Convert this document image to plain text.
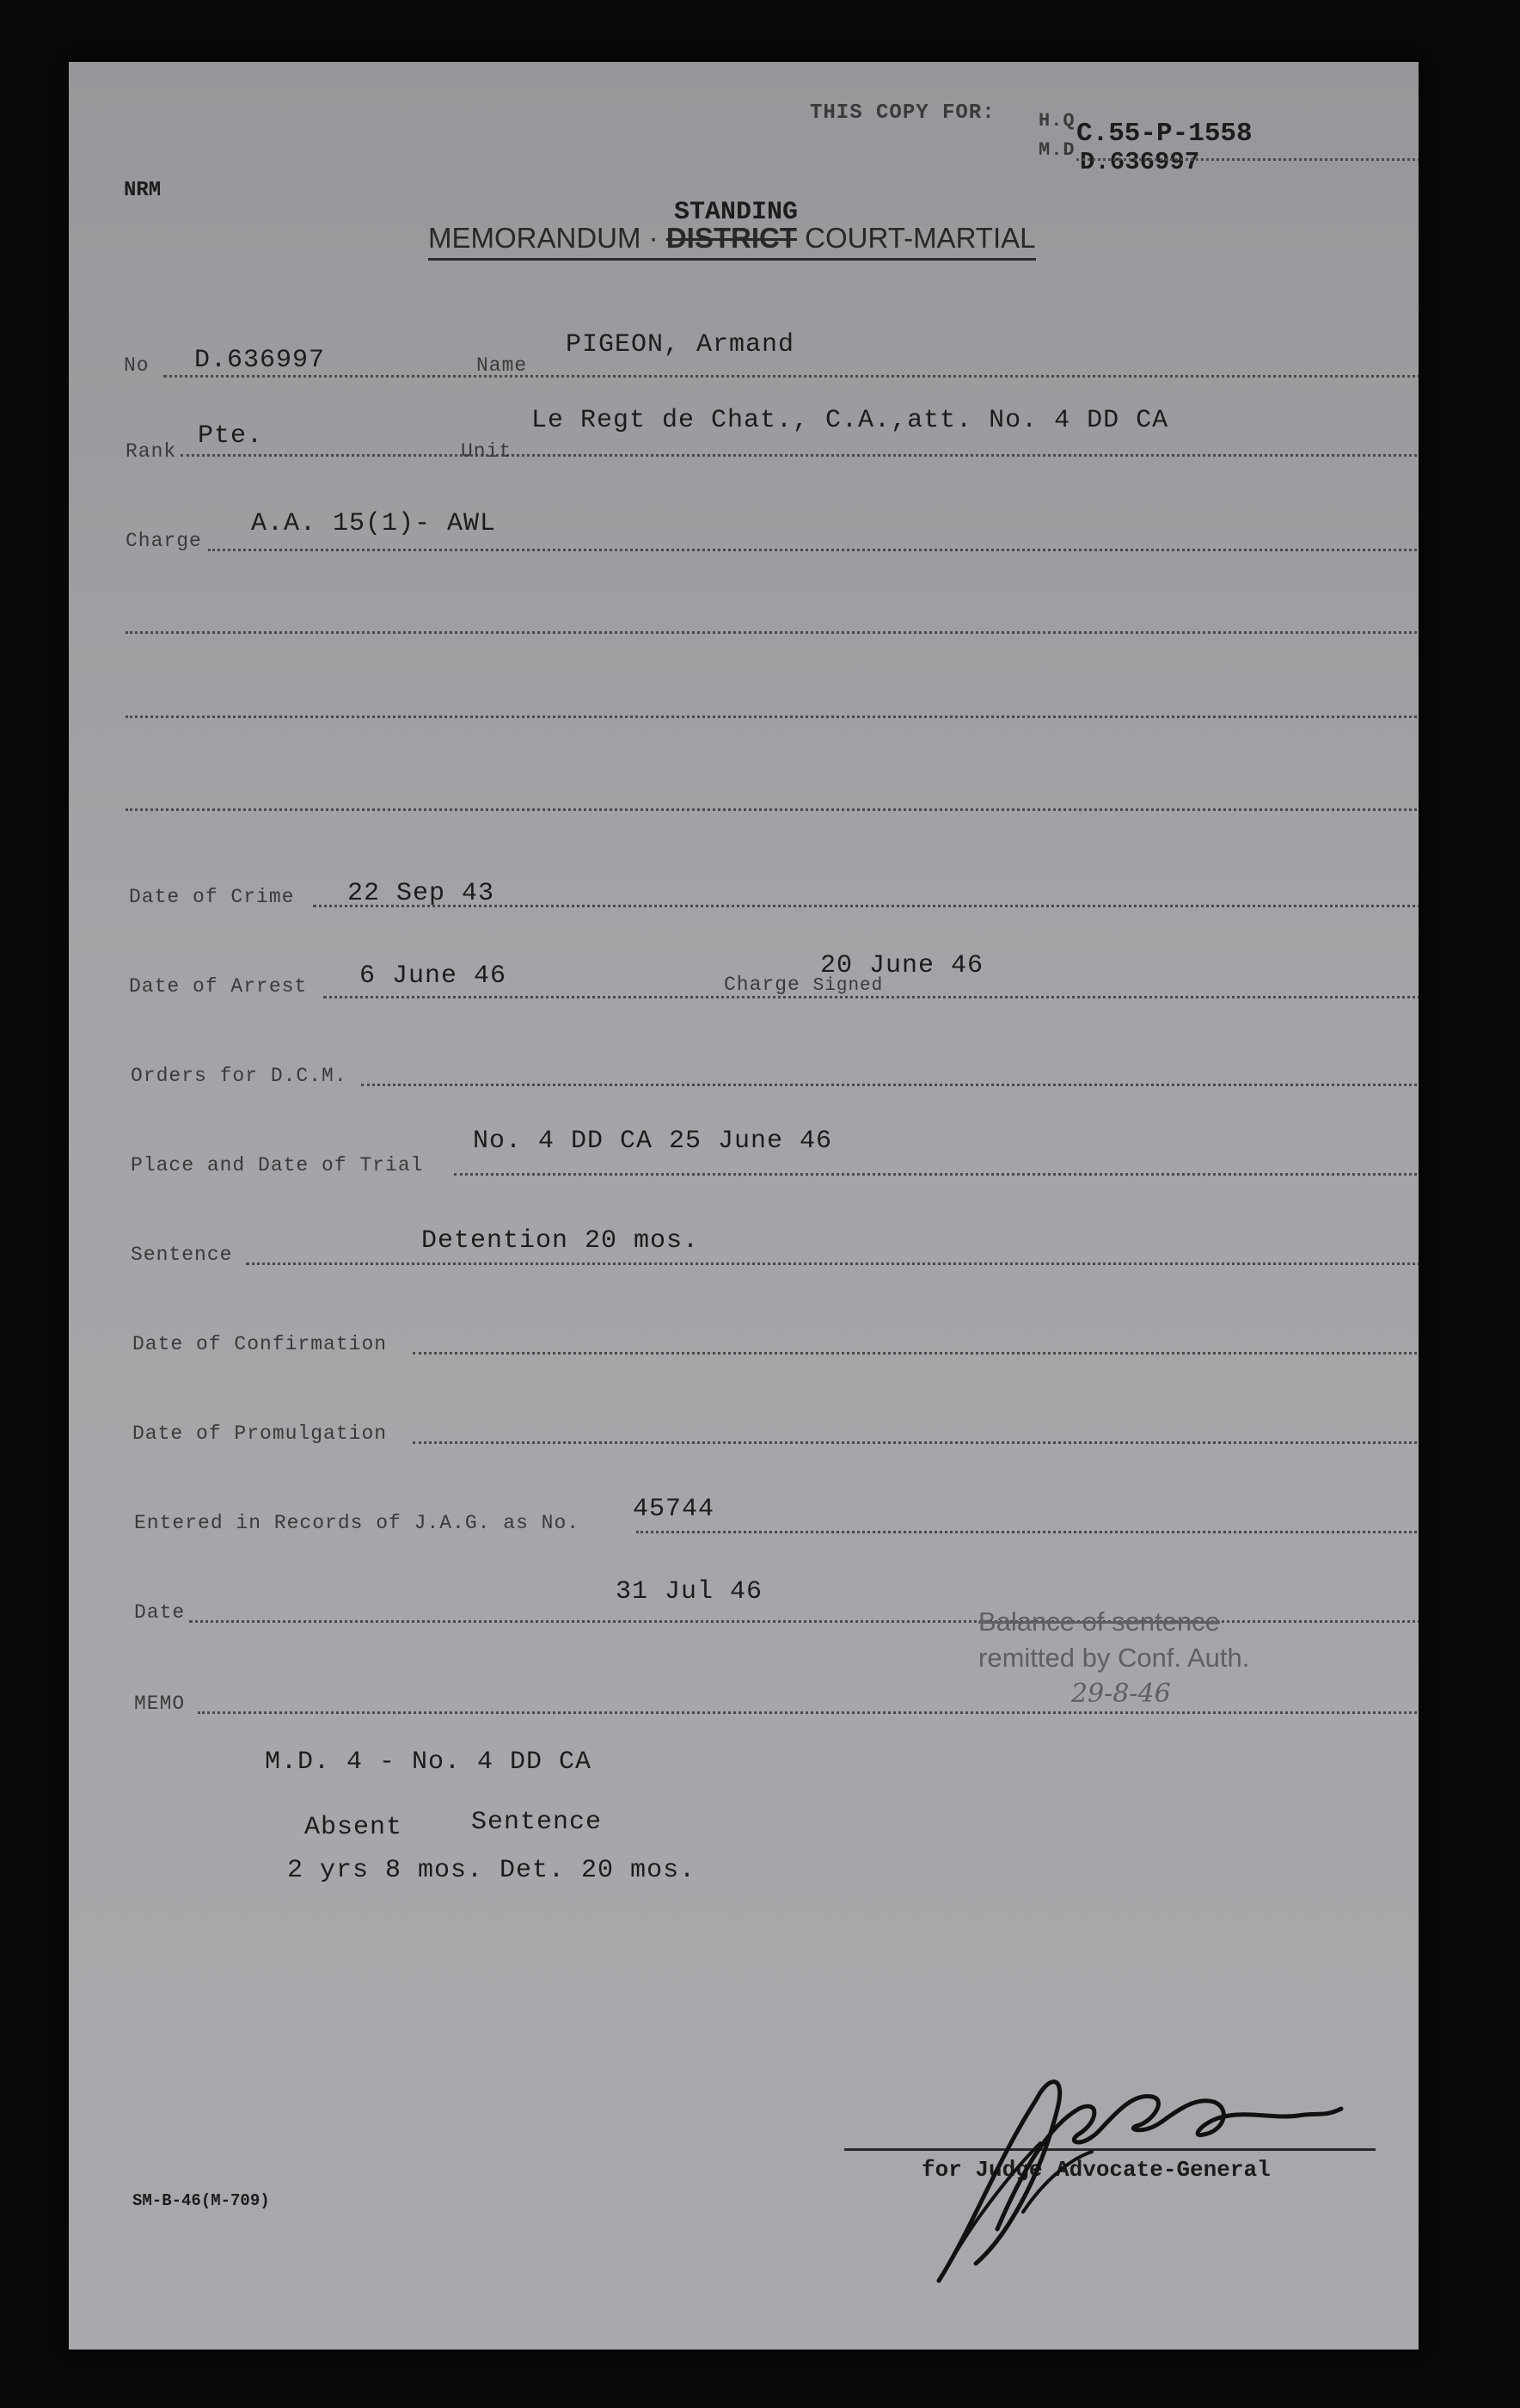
THIS COPY FOR: H.Q C.55-P-1558
M.D D.636997
NRM
STANDING
MEMORANDUM · DISTRICT COURT-MARTIAL
No D.636997	Name
PIGEON, Armand
Rank
Pte.
Unit
Le Regt de Chat., C.A.,att. No. 4 DD CA
Charge
A.A. 15(1)- AWL
Date of Crime 22 Sep 43
Date of Arrest 6 June 46	Charge Signed
20 June 46
Orders for D.C.M.
Place and Date of Trial
No. 4 DD CA 25 June 46
Sentence	Detention 20 mos.
Date of Confirmation
Date of Promulgation
Entered in Records of J.A.G. as No. 45744
Date
31 Jul 46
Balance of sentence
remitted by Conf. Auth.
29-8-46
MEMO
M.D. 4 - No. 4 DD CA
Absent	Sentence
2 yrs 8 mos. Det. 20 mos.
for Judge Advocate-General
SM-B-46(M-709)
